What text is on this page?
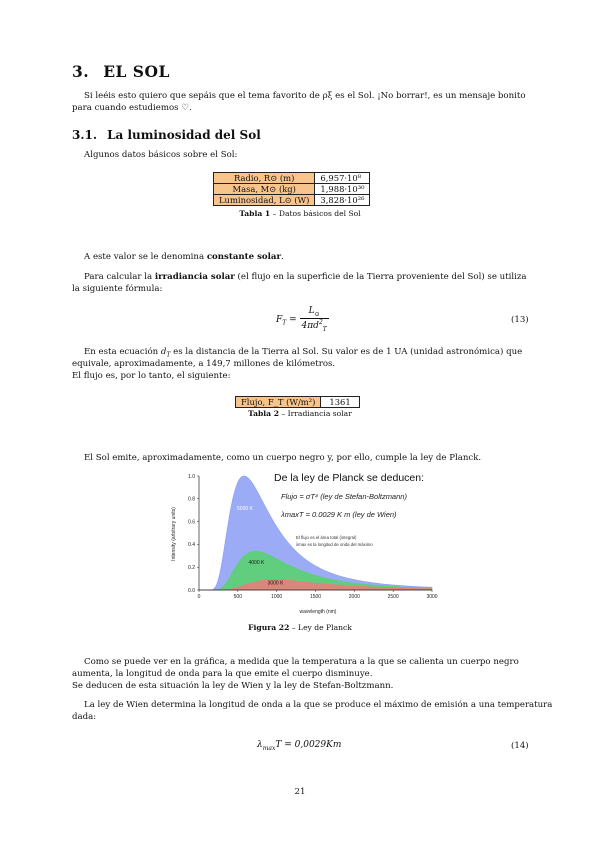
3. EL SOL
Si leéis esto quiero que sepáis que el tema favorito de ρξ es el Sol. ¡No borrar!, es un mensaje bonito
para cuando estudiemos ♡.
3.1. La luminosidad del Sol
Algunos datos básicos sobre el Sol:
Radio, R⊙ (m)	6,957·10⁸
Masa, M⊙ (kg)	1,988·10³⁰
Luminosidad, L⊙ (W)	3,828·10²⁶
Tabla 1 – Datos básicos del Sol
A este valor se le denomina constante solar.
Para calcular la irradiancia solar (el flujo en la superficie de la Tierra proveniente del Sol) se utiliza
la siguiente fórmula:
$F_T = \frac{L_⊙}{4\pi d^2_T}$	(13)
En esta ecuación $d_T$ es la distancia de la Tierra al Sol. Su valor es de 1 UA (unidad astronómica) que
equivale, aproximadamente, a 149,7 millones de kilómetros.
El flujo es, por lo tanto, el siguiente:
Flujo, F_T (W/m²)	1361
Tabla 2 – Irradiancia solar
El Sol emite, aproximadamente, como un cuerpo negro y, por ello, cumple la ley de Planck.
5000 K
4000 K
3000 K
0	500	1000	1500	2000	2500	3000
0.0
0.2
0.4
0.6
0.8
1.0	De la ley de Planck se deducen:
Flujo = σT⁴ (ley de Stefan-Boltzmann)
λmaxT = 0.0029 K m (ley de Wien)
El flujo es el área total (integral)
λmax es la longitud de onda del máximo
wavelength (nm)
Intensity (arbitrary units)
Figura 22 – Ley de Planck
Como se puede ver en la gráfica, a medida que la temperatura a la que se calienta un cuerpo negro
aumenta, la longitud de onda para la que emite el cuerpo disminuye.
Se deducen de esta situación la ley de Wien y la ley de Stefan-Boltzmann.
La ley de Wien determina la longitud de onda a la que se produce el máximo de emisión a una temperatura
dada:
$\lambda_{max}T = 0,0029Km$	(14)
21
